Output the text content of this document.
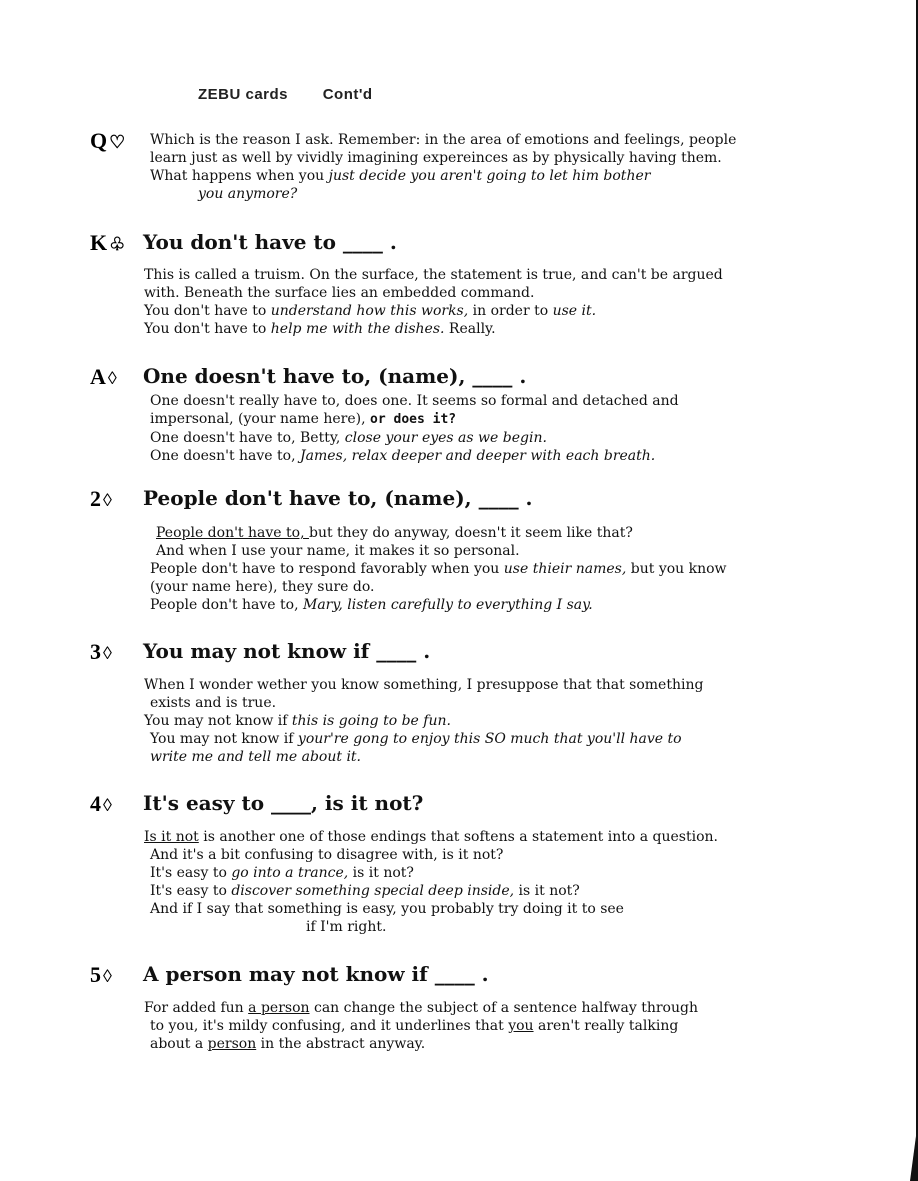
ZEBU cards Cont'd
Q ♡ Which is the reason I ask. Remember: in the area of emotions and feelings, people

learn just as well by vividly imagining expereinces as by physically having them.

What happens when you just decide you aren't going to let him bother

you anymore?

K ♧ You don't have to ____ .

This is called a truism. On the surface, the statement is true, and can't be argued

with. Beneath the surface lies an embedded command.

You don't have to understand how this works, in order to use it.

You don't have to help me with the dishes. Really.

A ◊ One doesn't have to, (name), ____ .

One doesn't really have to, does one. It seems so formal and detached and

impersonal, (your name here), or does it?

One doesn't have to, Betty, close your eyes as we begin.

One doesn't have to, James, relax deeper and deeper with each breath.

2 ◊ People don't have to, (name), ____ .

People don't have to, but they do anyway, doesn't it seem like that?

And when I use your name, it makes it so personal.

People don't have to respond favorably when you use thieir names, but you know

(your name here), they sure do.

People don't have to, Mary, listen carefully to everything I say.

3 ◊ You may not know if ____ .

When I wonder wether you know something, I presuppose that that something

exists and is true.

You may not know if this is going to be fun.

You may not know if your're gong to enjoy this SO much that you'll have to

write me and tell me about it.

4 ◊ It's easy to ____, is it not?

Is it not is another one of those endings that softens a statement into a question.

And it's a bit confusing to disagree with, is it not?

It's easy to go into a trance, is it not?

It's easy to discover something special deep inside, is it not?

And if I say that something is easy, you probably try doing it to see

if I'm right.

5 ◊ A person may not know if ____ .

For added fun a person can change the subject of a sentence halfway through

to you, it's mildy confusing, and it underlines that you aren't really talking

about a person in the abstract anyway.
